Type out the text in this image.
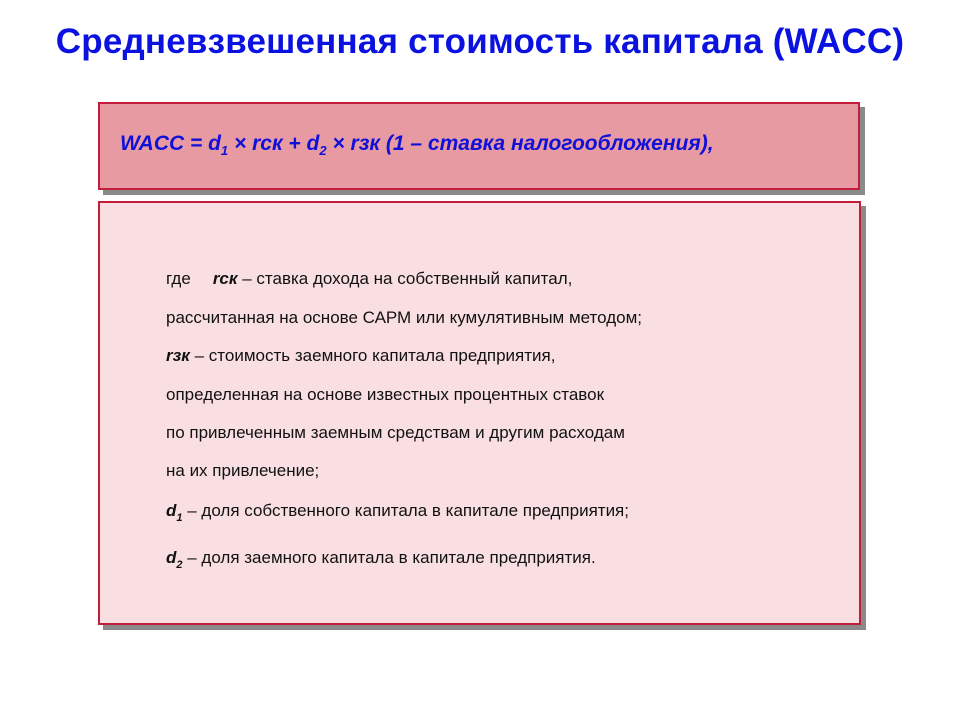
Средневзвешенная стоимость капитала (WACC)
WACC = $d_1$ × rск + $d_2$ × rзк (1 – ставка налогообложения),
где rск – ставка дохода на собственный капитал,
рассчитанная на основе САРМ или кумулятивным методом;
rзк – стоимость заемного капитала предприятия,
определенная на основе известных процентных ставок
по привлеченным заемным средствам и другим расходам
на их привлечение;
$d_1$ – доля собственного капитала в капитале предприятия;
$d_2$ – доля заемного капитала в капитале предприятия.
